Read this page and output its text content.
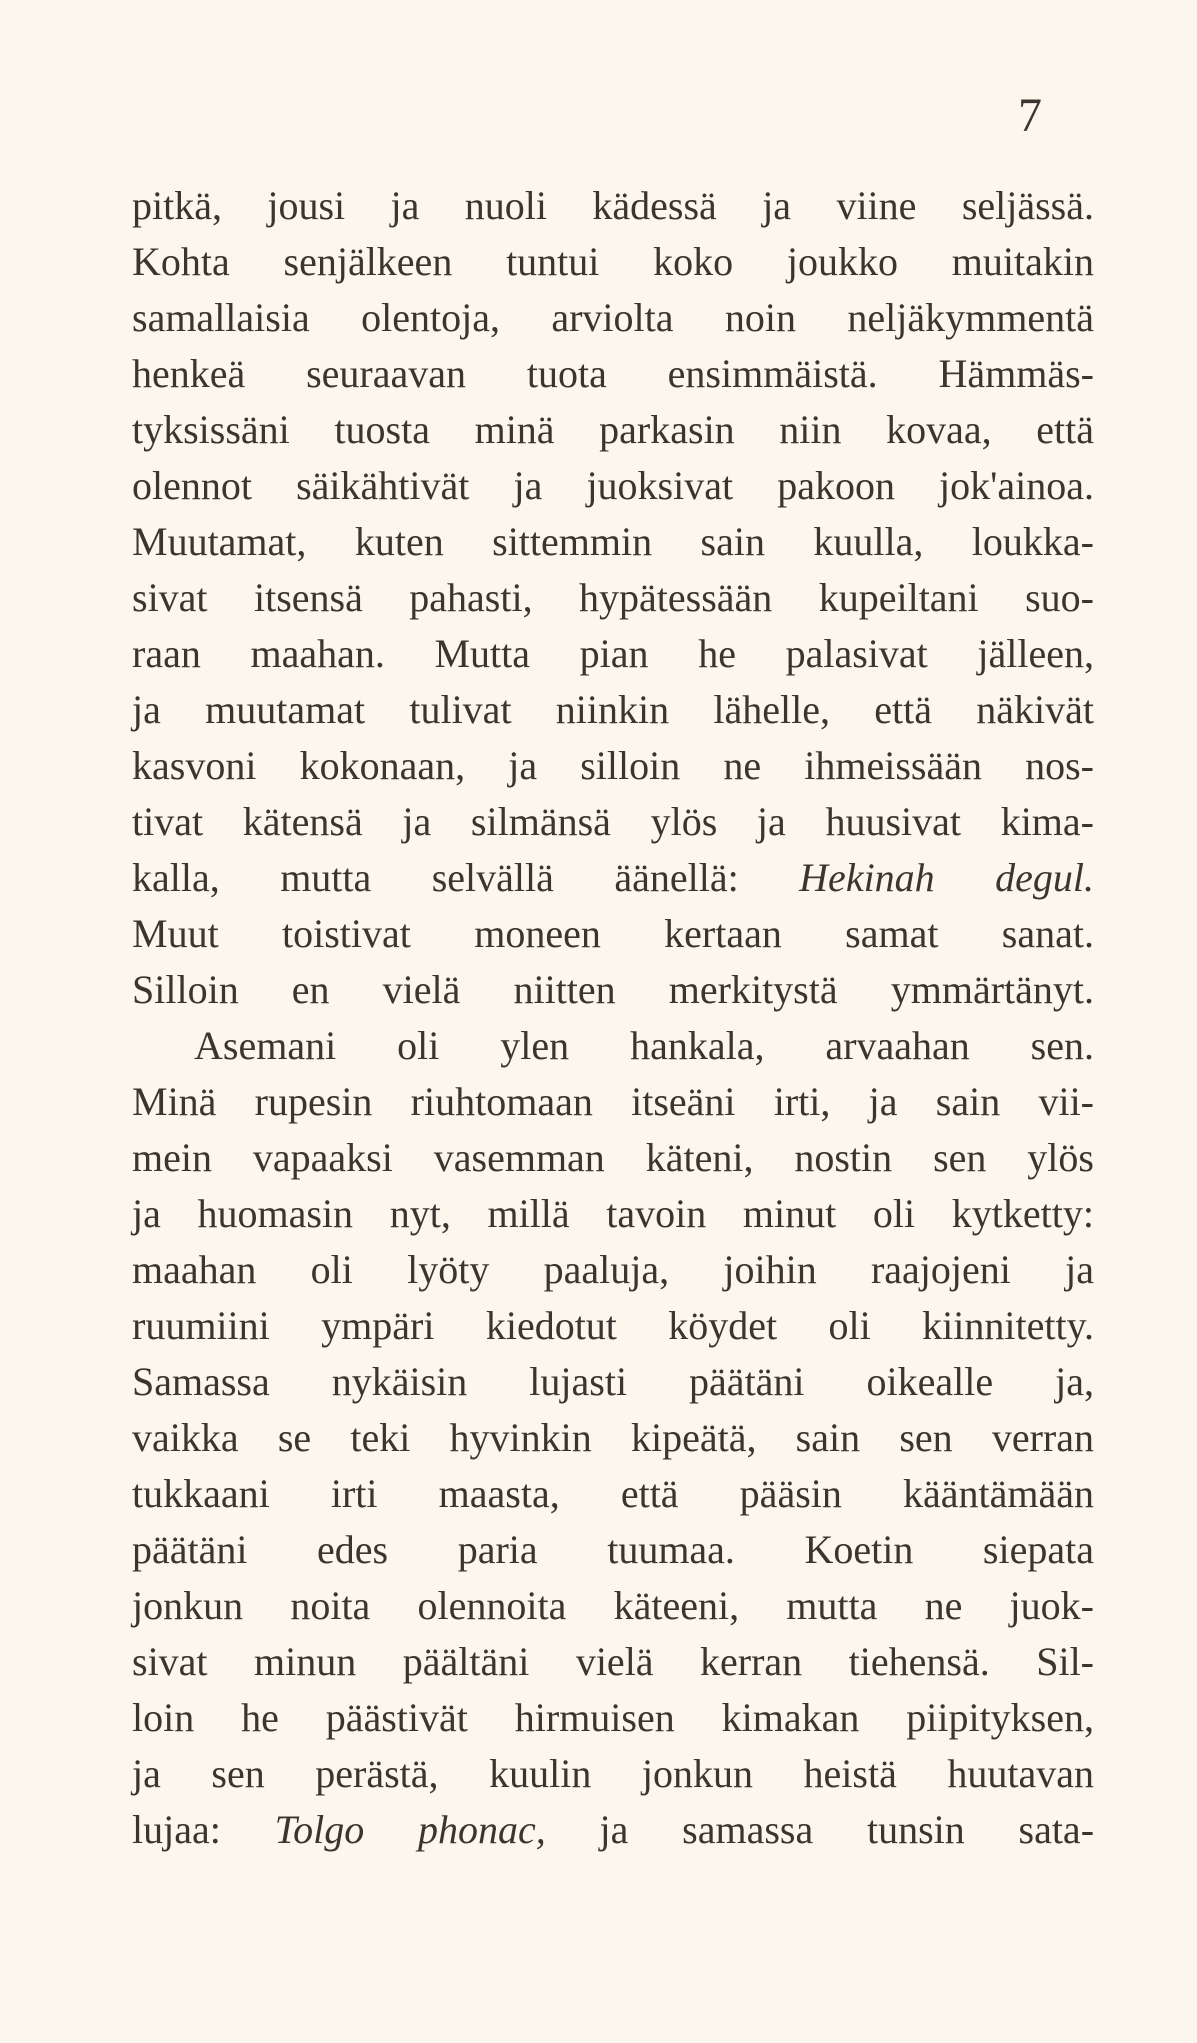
7
pitkä, jousi ja nuoli kädessä ja viine seljässä.
Kohta senjälkeen tuntui koko joukko muitakin
samallaisia olentoja, arviolta noin neljäkymmentä
henkeä seuraavan tuota ensimmäistä. Hämmäs-
tyksissäni tuosta minä parkasin niin kovaa, että
olennot säikähtivät ja juoksivat pakoon jok'ainoa.
Muutamat, kuten sittemmin sain kuulla, loukka-
sivat itsensä pahasti, hypätessään kupeiltani suo-
raan maahan. Mutta pian he palasivat jälleen,
ja muutamat tulivat niinkin lähelle, että näkivät
kasvoni kokonaan, ja silloin ne ihmeissään nos-
tivat kätensä ja silmänsä ylös ja huusivat kima-
kalla, mutta selvällä äänellä: Hekinah degul.
Muut toistivat moneen kertaan samat sanat.
Silloin en vielä niitten merkitystä ymmärtänyt.
Asemani oli ylen hankala, arvaahan sen.
Minä rupesin riuhtomaan itseäni irti, ja sain vii-
mein vapaaksi vasemman käteni, nostin sen ylös
ja huomasin nyt, millä tavoin minut oli kytketty:
maahan oli lyöty paaluja, joihin raajojeni ja
ruumiini ympäri kiedotut köydet oli kiinnitetty.
Samassa nykäisin lujasti päätäni oikealle ja,
vaikka se teki hyvinkin kipeätä, sain sen verran
tukkaani irti maasta, että pääsin kääntämään
päätäni edes paria tuumaa. Koetin siepata
jonkun noita olennoita käteeni, mutta ne juok-
sivat minun päältäni vielä kerran tiehensä. Sil-
loin he päästivät hirmuisen kimakan piipityksen,
ja sen perästä, kuulin jonkun heistä huutavan
lujaa: Tolgo phonac, ja samassa tunsin sata-
